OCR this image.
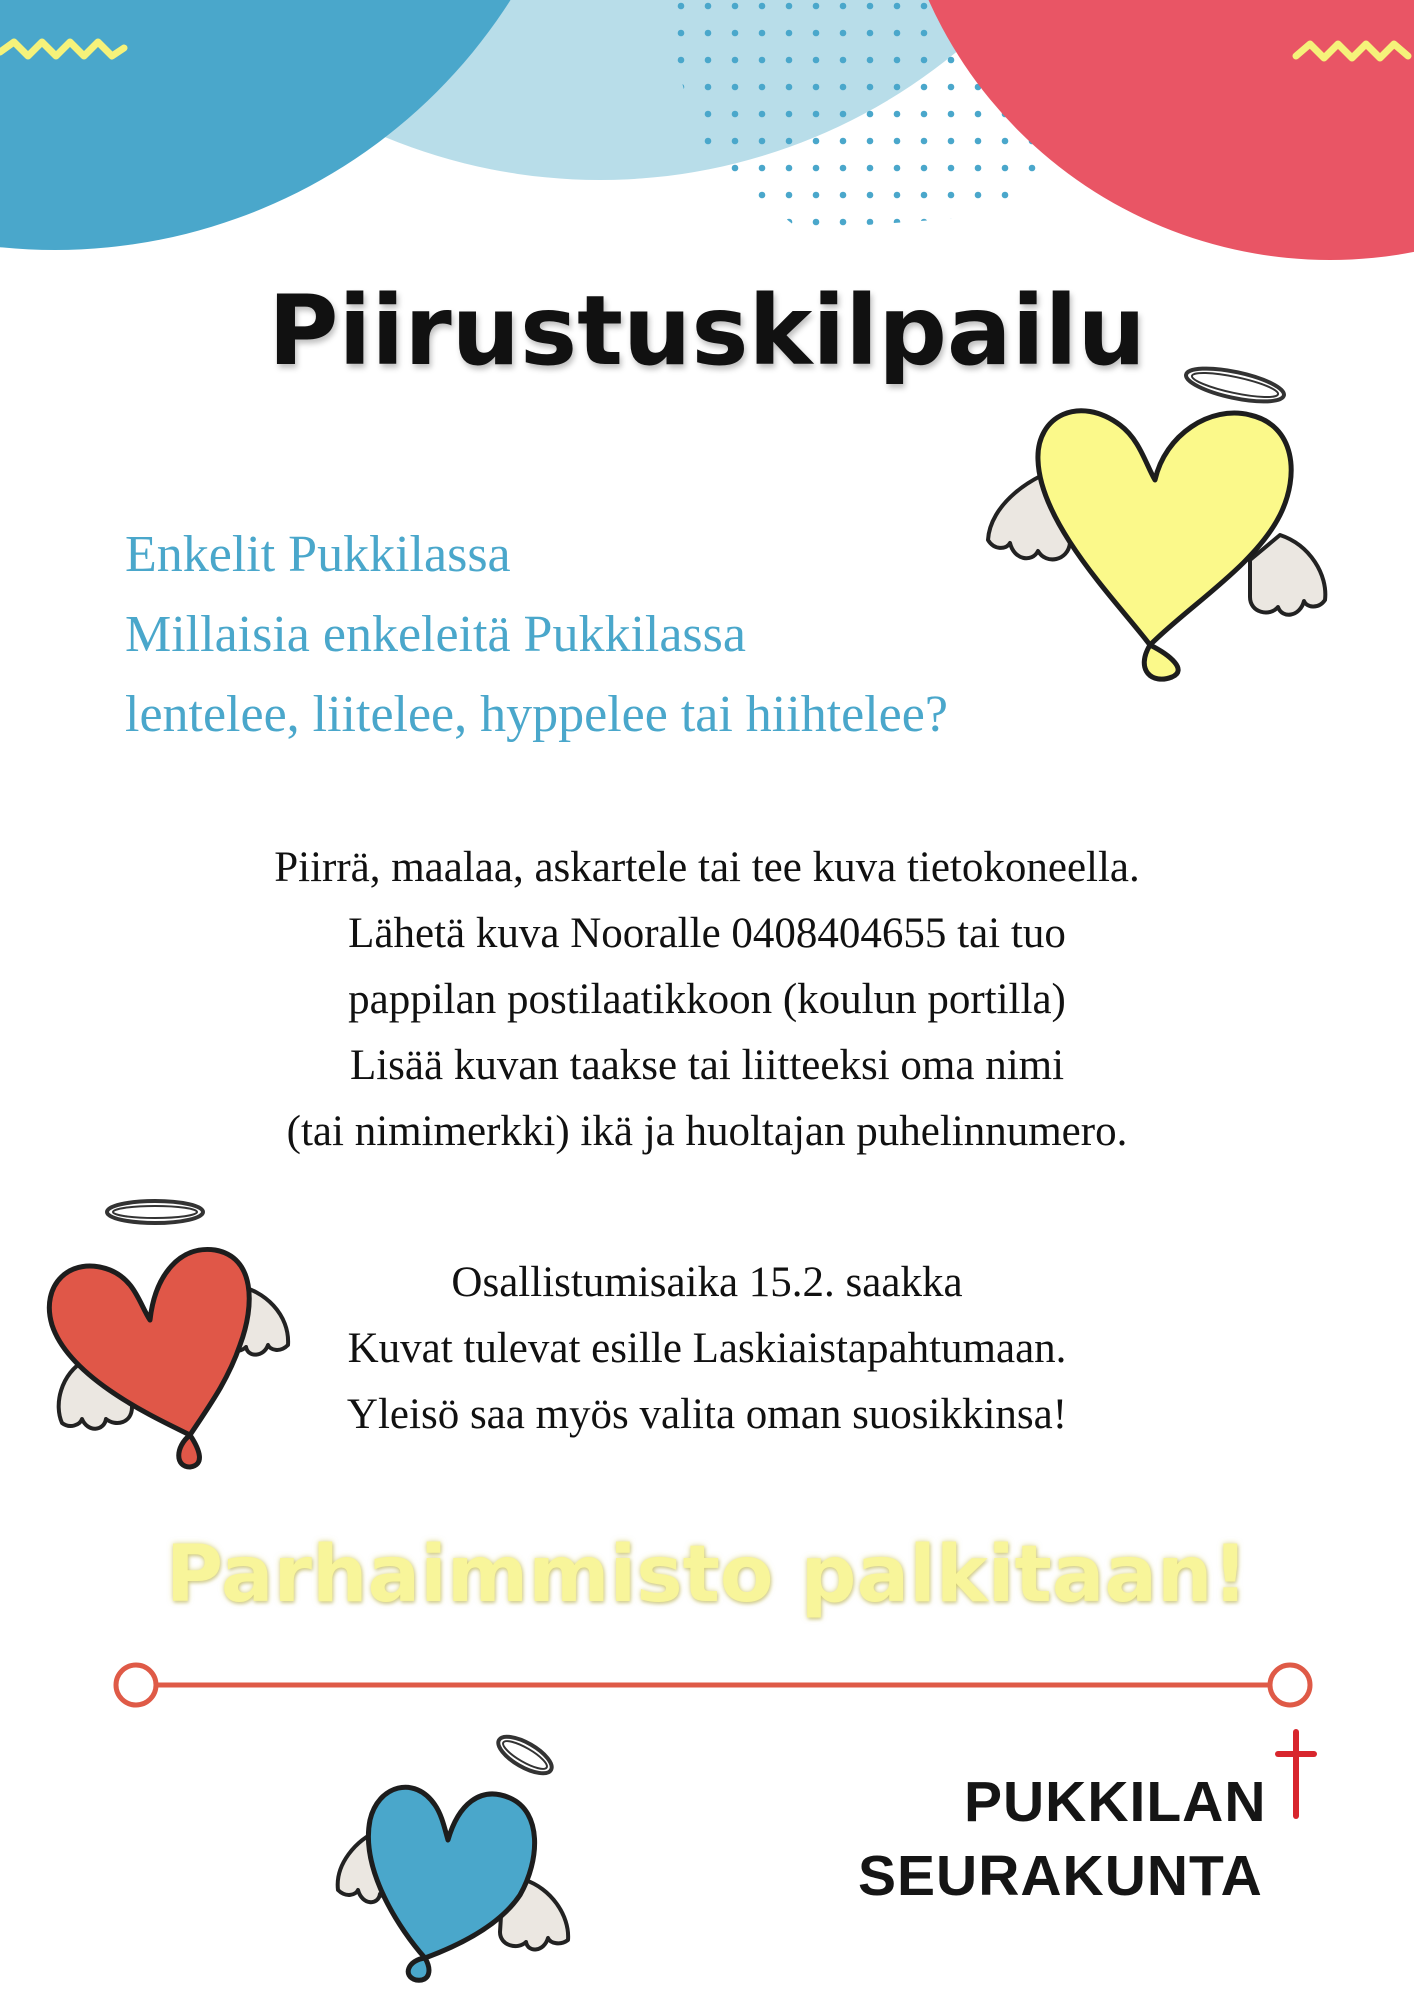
Piirustuskilpailu
Enkelit Pukkilassa
Millaisia enkeleitä Pukkilassa
lentelee, liitelee, hyppelee tai hiihtelee?
Piirrä, maalaa, askartele tai tee kuva tietokoneella.
Lähetä kuva Nooralle 0408404655 tai tuo
pappilan postilaatikkoon (koulun portilla)
Lisää kuvan taakse tai liitteeksi oma nimi
(tai nimimerkki) ikä ja huoltajan puhelinnumero.
Osallistumisaika 15.2. saakka
Kuvat tulevat esille Laskiaistapahtumaan.
Yleisö saa myös valita oman suosikkinsa!
Parhaimmisto palkitaan!
PUKKILAN
SEURAKUNTA
